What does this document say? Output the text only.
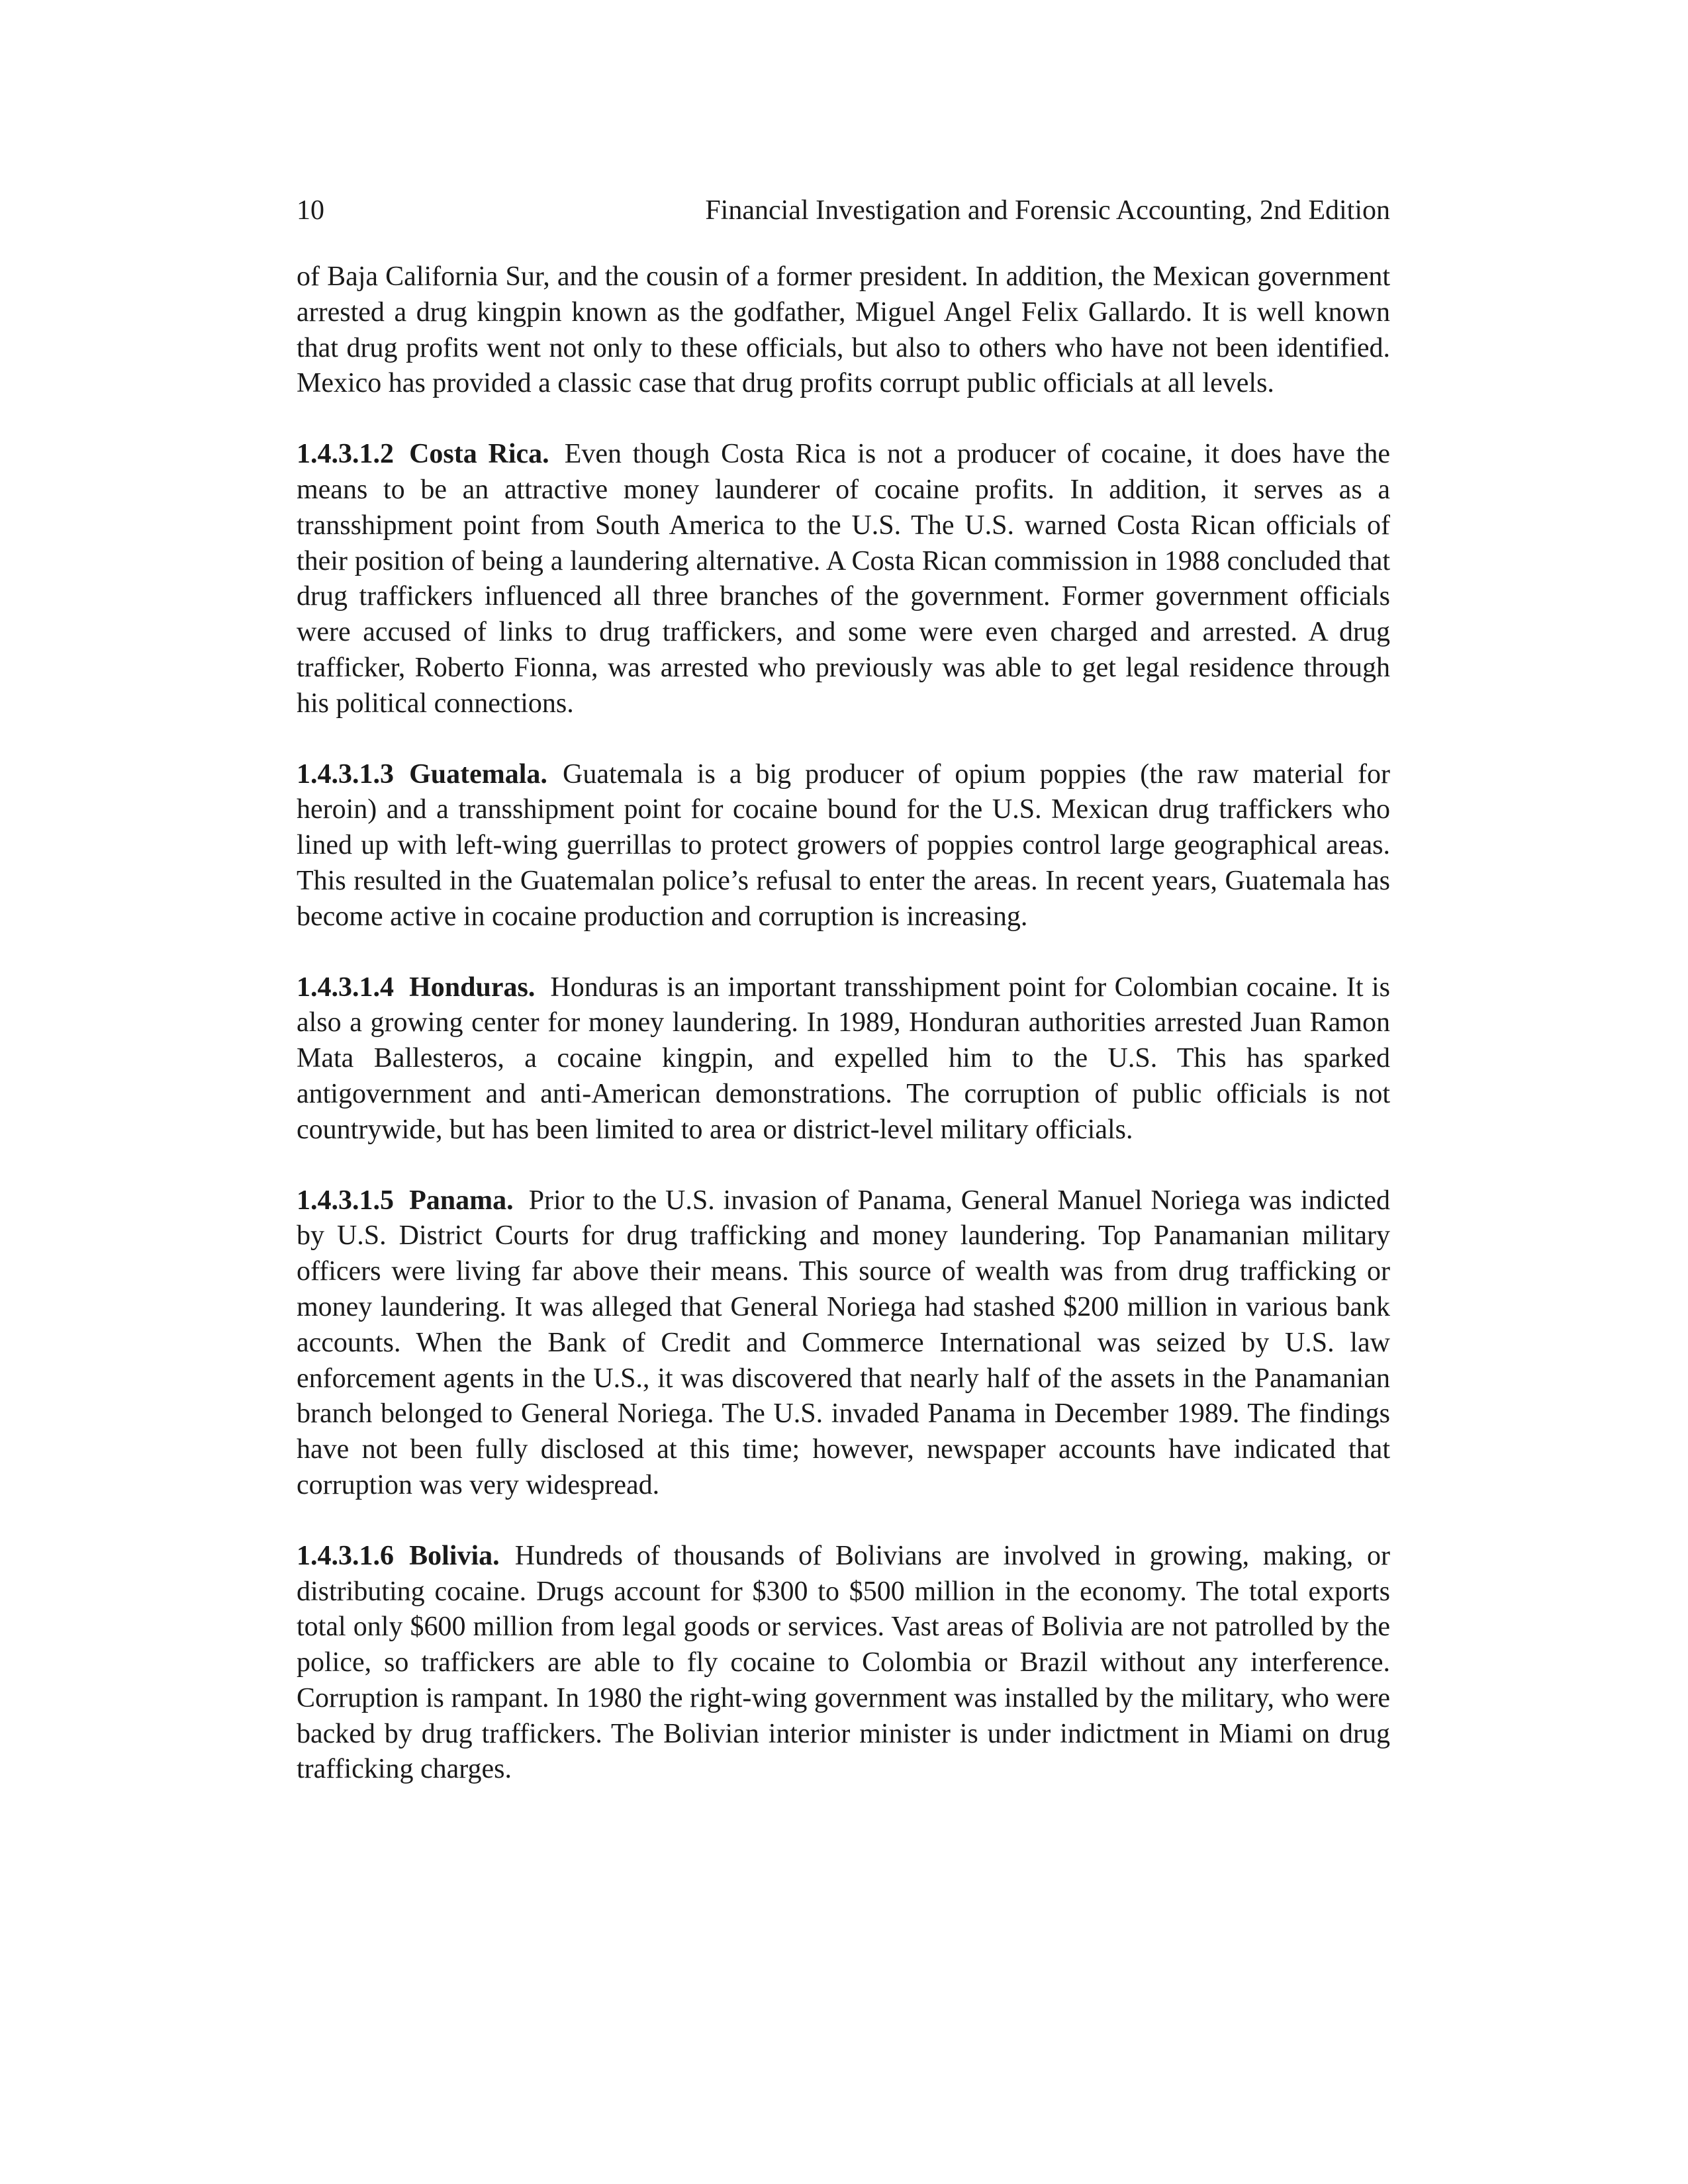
10	Financial Investigation and Forensic Accounting, 2nd Edition

of Baja California Sur, and the cousin of a former president. In addition, the Mexican government arrested a drug kingpin known as the godfather, Miguel Angel Felix Gallardo. It is well known that drug profits went not only to these officials, but also to others who have not been identified. Mexico has provided a classic case that drug profits corrupt public officials at all levels.

1.4.3.1.2 Costa Rica. Even though Costa Rica is not a producer of cocaine, it does have the means to be an attractive money launderer of cocaine profits. In addition, it serves as a transshipment point from South America to the U.S. The U.S. warned Costa Rican officials of their position of being a laundering alternative. A Costa Rican commission in 1988 concluded that drug traffickers influenced all three branches of the government. Former government officials were accused of links to drug traffickers, and some were even charged and arrested. A drug trafficker, Roberto Fionna, was arrested who previously was able to get legal residence through his political connections.

1.4.3.1.3 Guatemala. Guatemala is a big producer of opium poppies (the raw material for heroin) and a transshipment point for cocaine bound for the U.S. Mexican drug traffickers who lined up with left-wing guerrillas to protect growers of poppies control large geographical areas. This resulted in the Guatemalan police’s refusal to enter the areas. In recent years, Guatemala has become active in cocaine production and corruption is increasing.

1.4.3.1.4 Honduras. Honduras is an important transshipment point for Colombian cocaine. It is also a growing center for money laundering. In 1989, Honduran authorities arrested Juan Ramon Mata Ballesteros, a cocaine kingpin, and expelled him to the U.S. This has sparked antigovernment and anti-American demonstrations. The corruption of public officials is not countrywide, but has been limited to area or district-level military officials.

1.4.3.1.5 Panama. Prior to the U.S. invasion of Panama, General Manuel Noriega was indicted by U.S. District Courts for drug trafficking and money laundering. Top Panamanian military officers were living far above their means. This source of wealth was from drug trafficking or money laundering. It was alleged that General Noriega had stashed $200 million in various bank accounts. When the Bank of Credit and Commerce International was seized by U.S. law enforcement agents in the U.S., it was discovered that nearly half of the assets in the Panamanian branch belonged to General Noriega. The U.S. invaded Panama in December 1989. The findings have not been fully disclosed at this time; however, newspaper accounts have indicated that corruption was very widespread.

1.4.3.1.6 Bolivia. Hundreds of thousands of Bolivians are involved in growing, making, or distributing cocaine. Drugs account for $300 to $500 million in the economy. The total exports total only $600 million from legal goods or services. Vast areas of Bolivia are not patrolled by the police, so traffickers are able to fly cocaine to Colombia or Brazil without any interference. Corruption is rampant. In 1980 the right-wing government was installed by the military, who were backed by drug traffickers. The Bolivian interior minister is under indictment in Miami on drug trafficking charges.
